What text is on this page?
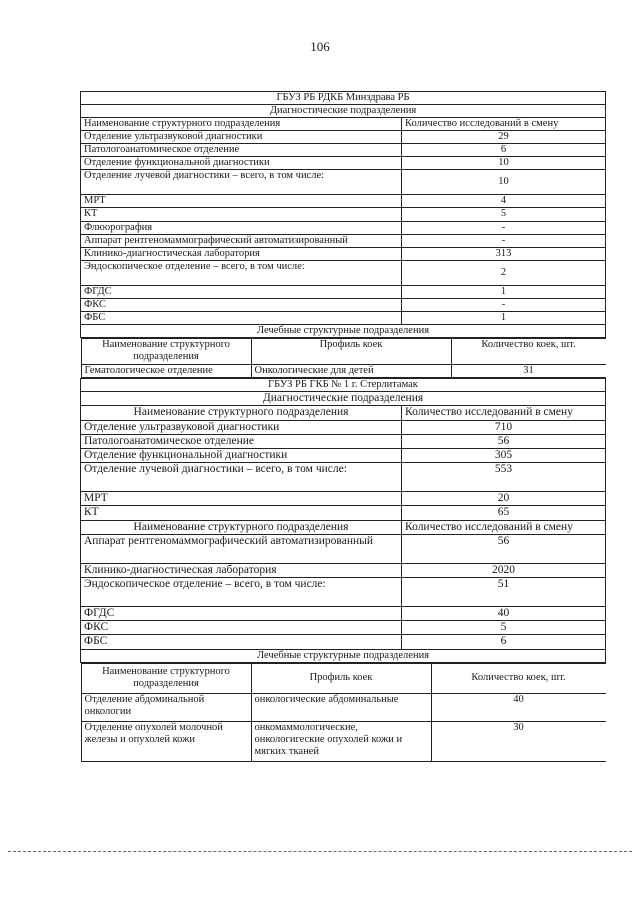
106
ГБУЗ РБ РДКБ Минздрава РБ
Диагностические подразделения
Наименование структурного подразделения	Количество исследований в смену
Отделение ультразвуковой диагностики	29
Патологоанатомическое отделение	6
Отделение функциональной диагностики	10
Отделение лучевой диагностики – всего, в том числе:	10
МРТ	4
КТ	5
Флюорография	-
Аппарат рентгеномаммографический автоматизированный	-
Клинико-диагностическая лаборатория	313
Эндоскопическое отделение – всего, в том числе:	2
ФГДС	1
ФКС	-
ФБС	1
Лечебные структурные подразделения

Наименование структурного подразделения	Профиль коек	Количество коек, шт.
Гематологическое отделение	Онкологические для детей	31

ГБУЗ РБ ГКБ № 1 г. Стерлитамак
Диагностические подразделения
Наименование структурного подразделения	Количество исследований в смену
Отделение ультразвуковой диагностики	710
Патологоанатомическое отделение	56
Отделение функциональной диагностики	305
Отделение лучевой диагностики – всего, в том числе:	553
МРТ	20
КТ	65
Наименование структурного подразделения	Количество исследований в смену
Аппарат рентгеномаммографический автоматизированный	56
Клинико-диагностическая лаборатория	2020
Эндоскопическое отделение – всего, в том числе:	51
ФГДС	40
ФКС	5
ФБС	6
Лечебные структурные подразделения

Наименование структурного подразделения	Профиль коек	Количество коек, шт.
Отделение абдоминальной онкологии	онкологические абдоминальные	40
Отделение опухолей молочной железы и опухолей кожи	онкомаммологические, онкологигеские опухолей кожи и мягких тканей	30
